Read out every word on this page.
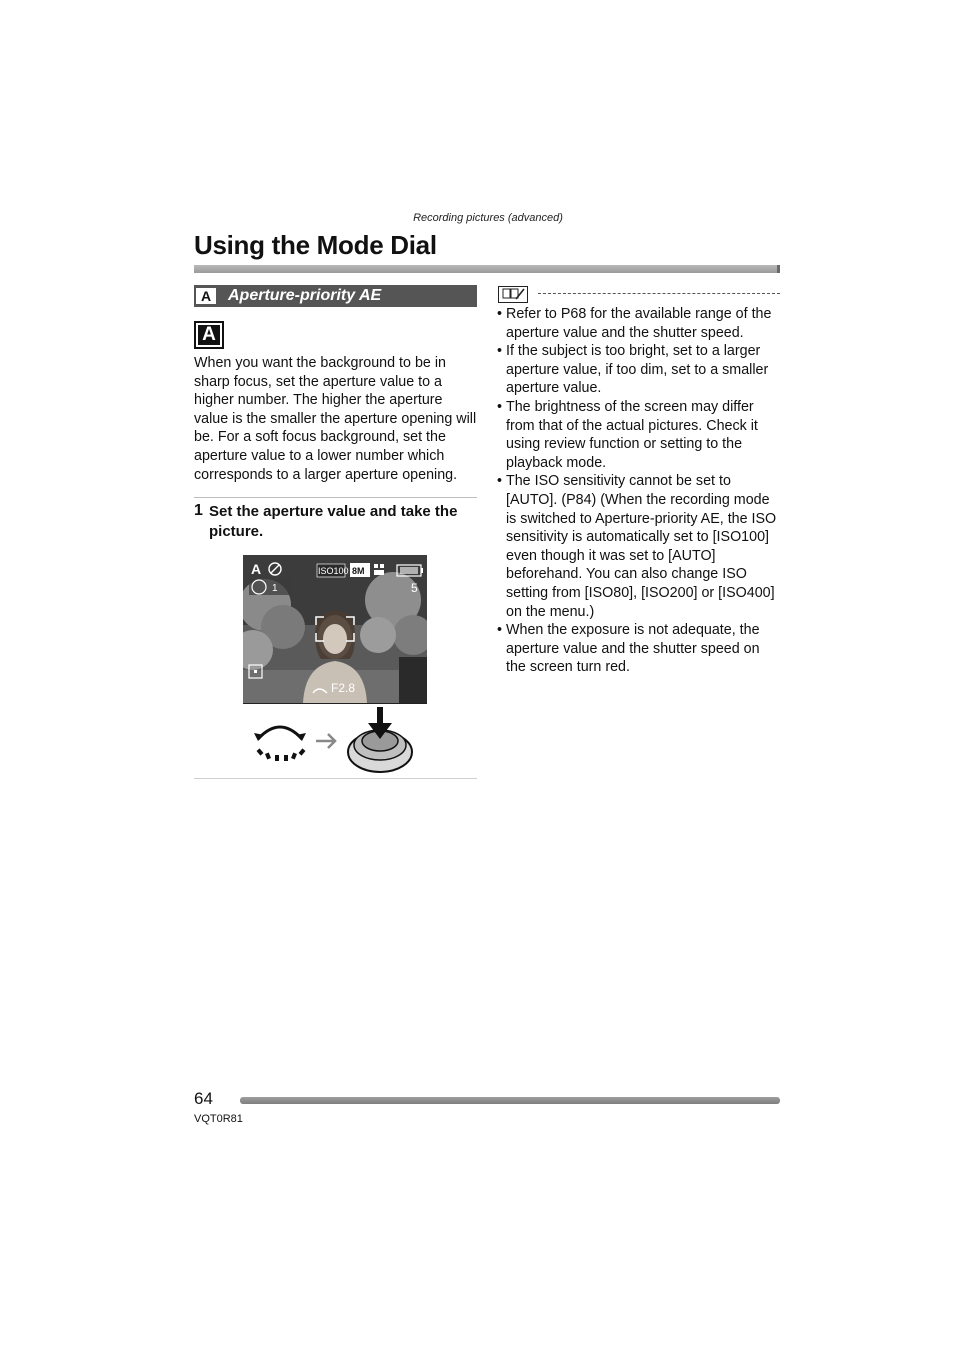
Recording pictures (advanced)
Using the Mode Dial
A	Aperture-priority AE
A

When you want the background to be in sharp focus, set the aperture value to a higher number. The higher the aperture value is the smaller the aperture opening will be. For a soft focus background, set the aperture value to a lower number which corresponds to a larger aperture opening.

1 Set the aperture value and take the picture.
A	ISO100 8M
1	5
F2.8
• Refer to P68 for the available range of the aperture value and the shutter speed.
• If the subject is too bright, set to a larger aperture value, if too dim, set to a smaller aperture value.
• The brightness of the screen may differ from that of the actual pictures. Check it using review function or setting to the playback mode.
• The ISO sensitivity cannot be set to [AUTO]. (P84) (When the recording mode is switched to Aperture-priority AE, the ISO sensitivity is automatically set to [ISO100] even though it was set to [AUTO] beforehand. You can also change ISO setting from [ISO80], [ISO200] or [ISO400] on the menu.)
• When the exposure is not adequate, the aperture value and the shutter speed on the screen turn red.
64
VQT0R81
